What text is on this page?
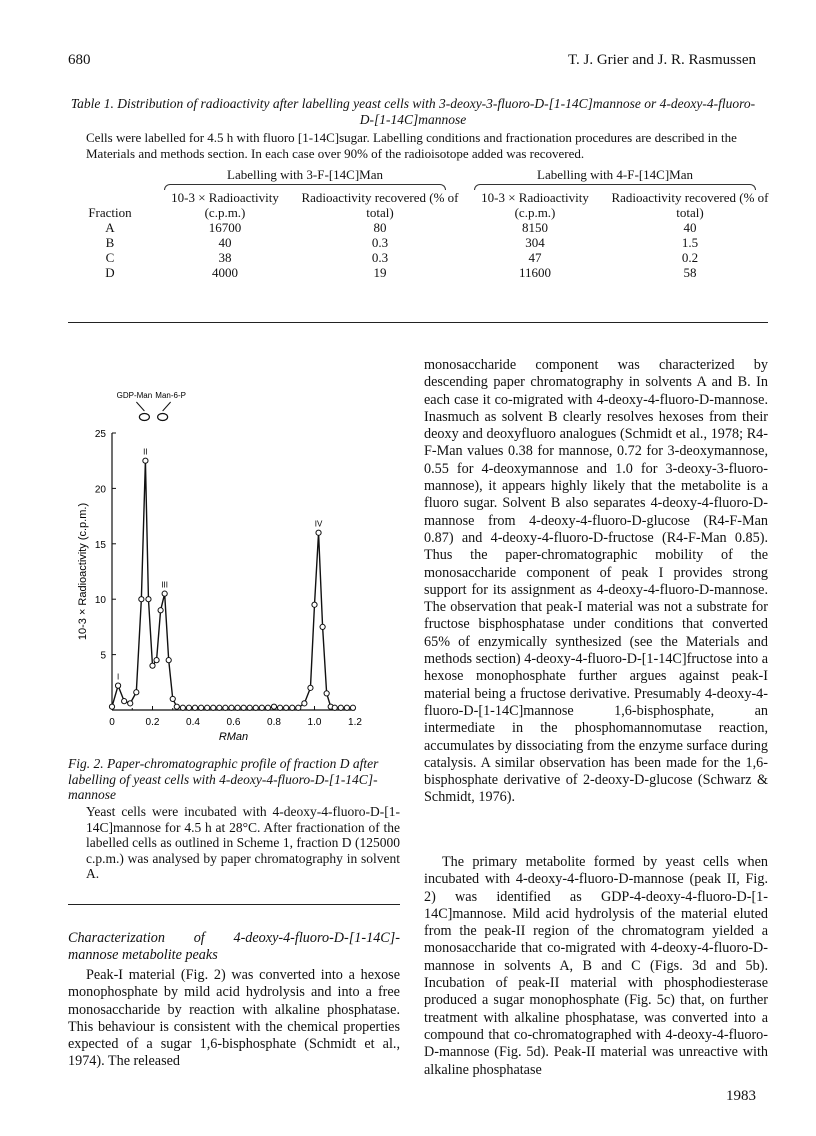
680	T. J. Grier and J. R. Rasmussen
Table 1. Distribution of radioactivity after labelling yeast cells with 3-deoxy-3-fluoro-D-[1-14C]mannose or 4-deoxy-4-fluoro-D-[1-14C]mannose
Cells were labelled for 4.5 h with fluoro [1-14C]sugar. Labelling conditions and fractionation procedures are described in the Materials and methods section. In each case over 90% of the radioisotope added was recovered.
	Labelling with 3-F-[14C]Man		Labelling with 4-F-[14C]Man	

Fraction	10-3 × Radioactivity (c.p.m.)	Radioactivity recovered (% of total)	10-3 × Radioactivity (c.p.m.)	Radioactivity recovered (% of total)
A	16700	80	8150	40
B	40	0.3	304	1.5
C	38	0.3	47	0.2
D	4000	19	11600	58
0	0.2	0.4	0.6	0.8	1.0	1.2
5
10
15
20
25
RMan
10-3 × Radioactivity (c.p.m.)
I
II
III
IV
GDP-Man Man-6-P
Fig. 2. Paper-chromatographic profile of fraction D after labelling of yeast cells with 4-deoxy-4-fluoro-D-[1-14C]-mannose
Yeast cells were incubated with 4-deoxy-4-fluoro-D-[1-14C]mannose for 4.5 h at 28°C. After fractionation of the labelled cells as outlined in Scheme 1, fraction D (125000 c.p.m.) was analysed by paper chromatography in solvent A.
Characterization of 4-deoxy-4-fluoro-D-[1-14C]-mannose metabolite peaks
Peak-I material (Fig. 2) was converted into a hexose monophosphate by mild acid hydrolysis and into a free monosaccharide by reaction with alkaline phosphatase. This behaviour is consistent with the chemical properties expected of a sugar 1,6-bisphosphate (Schmidt et al., 1974). The released
monosaccharide component was characterized by descending paper chromatography in solvents A and B. In each case it co-migrated with 4-deoxy-4-fluoro-D-mannose. Inasmuch as solvent B clearly resolves hexoses from their deoxy and deoxyfluoro analogues (Schmidt et al., 1978; R4-F-Man values 0.38 for mannose, 0.72 for 3-deoxymannose, 0.55 for 4-deoxymannose and 1.0 for 3-deoxy-3-fluoro-mannose), it appears highly likely that the metabolite is a fluoro sugar. Solvent B also separates 4-deoxy-4-fluoro-D-mannose from 4-deoxy-4-fluoro-D-glucose (R4-F-Man 0.87) and 4-deoxy-4-fluoro-D-fructose (R4-F-Man 0.85). Thus the paper-chromatographic mobility of the monosaccharide component of peak I provides strong support for its assignment as 4-deoxy-4-fluoro-D-mannose. The observation that peak-I material was not a substrate for fructose bisphosphatase under conditions that converted 65% of enzymically synthesized (see the Materials and methods section) 4-deoxy-4-fluoro-D-[1-14C]fructose into a hexose monophosphate further argues against peak-I material being a fructose derivative. Presumably 4-deoxy-4-fluoro-D-[1-14C]mannose 1,6-bisphosphate, an intermediate in the phosphomannomutase reaction, accumulates by dissociating from the enzyme surface during catalysis. A similar observation has been made for the 1,6-bisphosphate derivative of 2-deoxy-D-glucose (Schwarz & Schmidt, 1976).
The primary metabolite formed by yeast cells when incubated with 4-deoxy-4-fluoro-D-mannose (peak II, Fig. 2) was identified as GDP-4-deoxy-4-fluoro-D-[1-14C]mannose. Mild acid hydrolysis of the material eluted from the peak-II region of the chromatogram yielded a monosaccharide that co-migrated with 4-deoxy-4-fluoro-D-mannose in solvents A, B and C (Figs. 3d and 5b). Incubation of peak-II material with phosphodiesterase produced a sugar monophosphate (Fig. 5c) that, on further treatment with alkaline phosphatase, was converted into a compound that co-chromatographed with 4-deoxy-4-fluoro-D-mannose (Fig. 5d). Peak-II material was unreactive with alkaline phosphatase
1983
